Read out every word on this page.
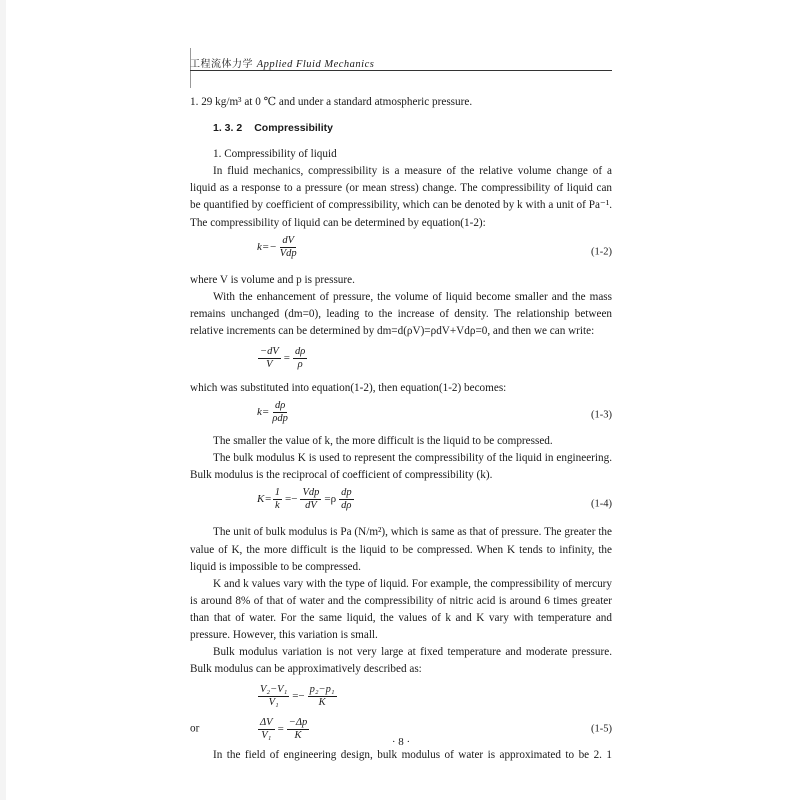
工程流体力学 Applied Fluid Mechanics

1. 29 kg/m³ at 0 ℃ and under a standard atmospheric pressure.

1. 3. 2 Compressibility

1. Compressibility of liquid

In fluid mechanics, compressibility is a measure of the relative volume change of a liquid as a response to a pressure (or mean stress) change. The compressibility of liquid can be quantified by coefficient of compressibility, which can be denoted by k with a unit of Pa⁻¹. The compressibility of liquid can be determined by equation(1-2):

$k=- \frac{dV}{\text{Vdp}}$	(1-2)

where V is volume and p is pressure.

With the enhancement of pressure, the volume of liquid become smaller and the mass remains unchanged (dm=0), leading to the increase of density. The relationship between relative increments can be determined by dm=d(ρV)=ρdV+Vdρ=0, and then we can write:

$\frac{-dV}{V} = \frac{d\rho}{\rho}$

which was substituted into equation(1-2), then equation(1-2) becomes:

$k= \frac{d\rho}{\text{ρdp}}$	(1-3)

The smaller the value of k, the more difficult is the liquid to be compressed.

The bulk modulus K is used to represent the compressibility of the liquid in engineering. Bulk modulus is the reciprocal of coefficient of compressibility (k).

$K= \frac{1}{k} =- \frac{\text{Vdp}}{dV} =\rho \frac{dp}{d\rho}$	(1-4)

The unit of bulk modulus is Pa (N/m²), which is same as that of pressure. The greater the value of K, the more difficult is the liquid to be compressed. When K tends to infinity, the liquid is impossible to be compressed.

K and k values vary with the type of liquid. For example, the compressibility of mercury is around 8% of that of water and the compressibility of nitric acid is around 6 times greater than that of water. For the same liquid, the values of k and K vary with temperature and pressure. However, this variation is small.

Bulk modulus variation is not very large at fixed temperature and moderate pressure. Bulk modulus can be approximatively described as:

$\frac{\text{V₂−V₁}}{\text{V₁}} =- \frac{\text{p₂−p₁}}{K}$
or	$\frac{\Delta V}{\text{V₁}} = \frac{-\Delta p}{K}$	(1-5)

In the field of engineering design, bulk modulus of water is approximated to be 2. 1

· 8 ·
